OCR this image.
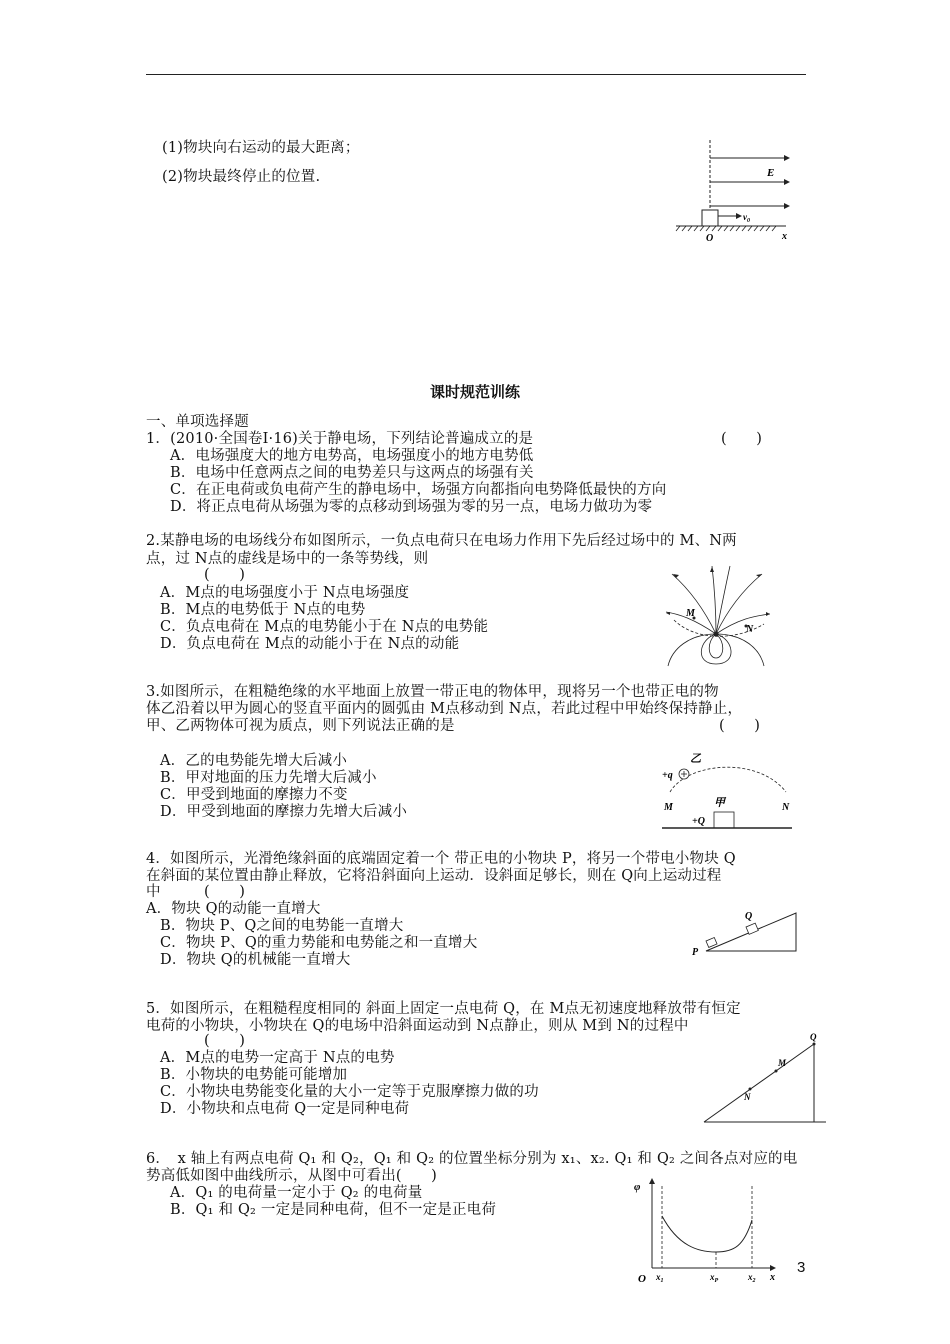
(1)物块向右运动的最大距离；
(2)物块最终停止的位置.	E
$v_0$
O	x
课时规范训练
一、单项选择题
1．(2010·全国卷Ⅰ·16)关于静电场，下列结论普遍成立的是	(　　)
A．电场强度大的地方电势高，电场强度小的地方电势低
B．电场中任意两点之间的电势差只与这两点的场强有关
C．在正电荷或负电荷产生的静电场中，场强方向都指向电势降低最快的方向
D．将正点电荷从场强为零的点移动到场强为零的另一点，电场力做功为零
2.某静电场的电场线分布如图所示，一负点电荷只在电场力作用下先后经过场中的 M、N两
点，过 N点的虚线是场中的一条等势线，则
(　　)
A．M点的电场强度小于 N点电场强度
B．M点的电势低于 N点的电势
C．负点电荷在 M点的电势能小于在 N点的电势能
D．负点电荷在 M点的动能小于在 N点的动能
M
N
3.如图所示，在粗糙绝缘的水平地面上放置一带正电的物体甲，现将另一个也带正电的物
体乙沿着以甲为圆心的竖直平面内的圆弧由 M点移动到 N点，若此过程中甲始终保持静止，
甲、乙两物体可视为质点，则下列说法正确的是	(　　)
A．乙的电势能先增大后减小
B．甲对地面的压力先增大后减小
C．甲受到地面的摩擦力不变
D．甲受到地面的摩擦力先增大后减小
乙
+q
M	N
甲
+Q
4．如图所示，光滑绝缘斜面的底端固定着一个 带正电的小物块 P，将另一个带电小物块 Q
在斜面的某位置由静止释放，它将沿斜面向上运动．设斜面足够长，则在 Q向上运动过程
中	(　　)
A．物块 Q的动能一直增大
B．物块 P、Q之间的电势能一直增大
C．物块 P、Q的重力势能和电势能之和一直增大
D．物块 Q的机械能一直增大	P
Q
5．如图所示，在粗糙程度相同的 斜面上固定一点电荷 Q，在 M点无初速度地释放带有恒定
电荷的小物块，小物块在 Q的电场中沿斜面运动到 N点静止，则从 M到 N的过程中
(　　)
A．M点的电势一定高于 N点的电势
B．小物块的电势能可能增加
C．小物块电势能变化量的大小一定等于克服摩擦力做的功
D．小物块和点电荷 Q一定是同种电荷
Q
M
N
6．　x 轴上有两点电荷 Q₁ 和 Q₂，Q₁ 和 Q₂ 的位置坐标分别为 x₁、x₂. Q₁ 和 Q₂ 之间各点对应的电
势高低如图中曲线所示，从图中可看出(　　)
A．Q₁ 的电荷量一定小于 Q₂ 的电荷量
B．Q₁ 和 Q₂ 一定是同种电荷，但不一定是正电荷
φ
O $x_1$	$x_P$	$x_2$ x
3
